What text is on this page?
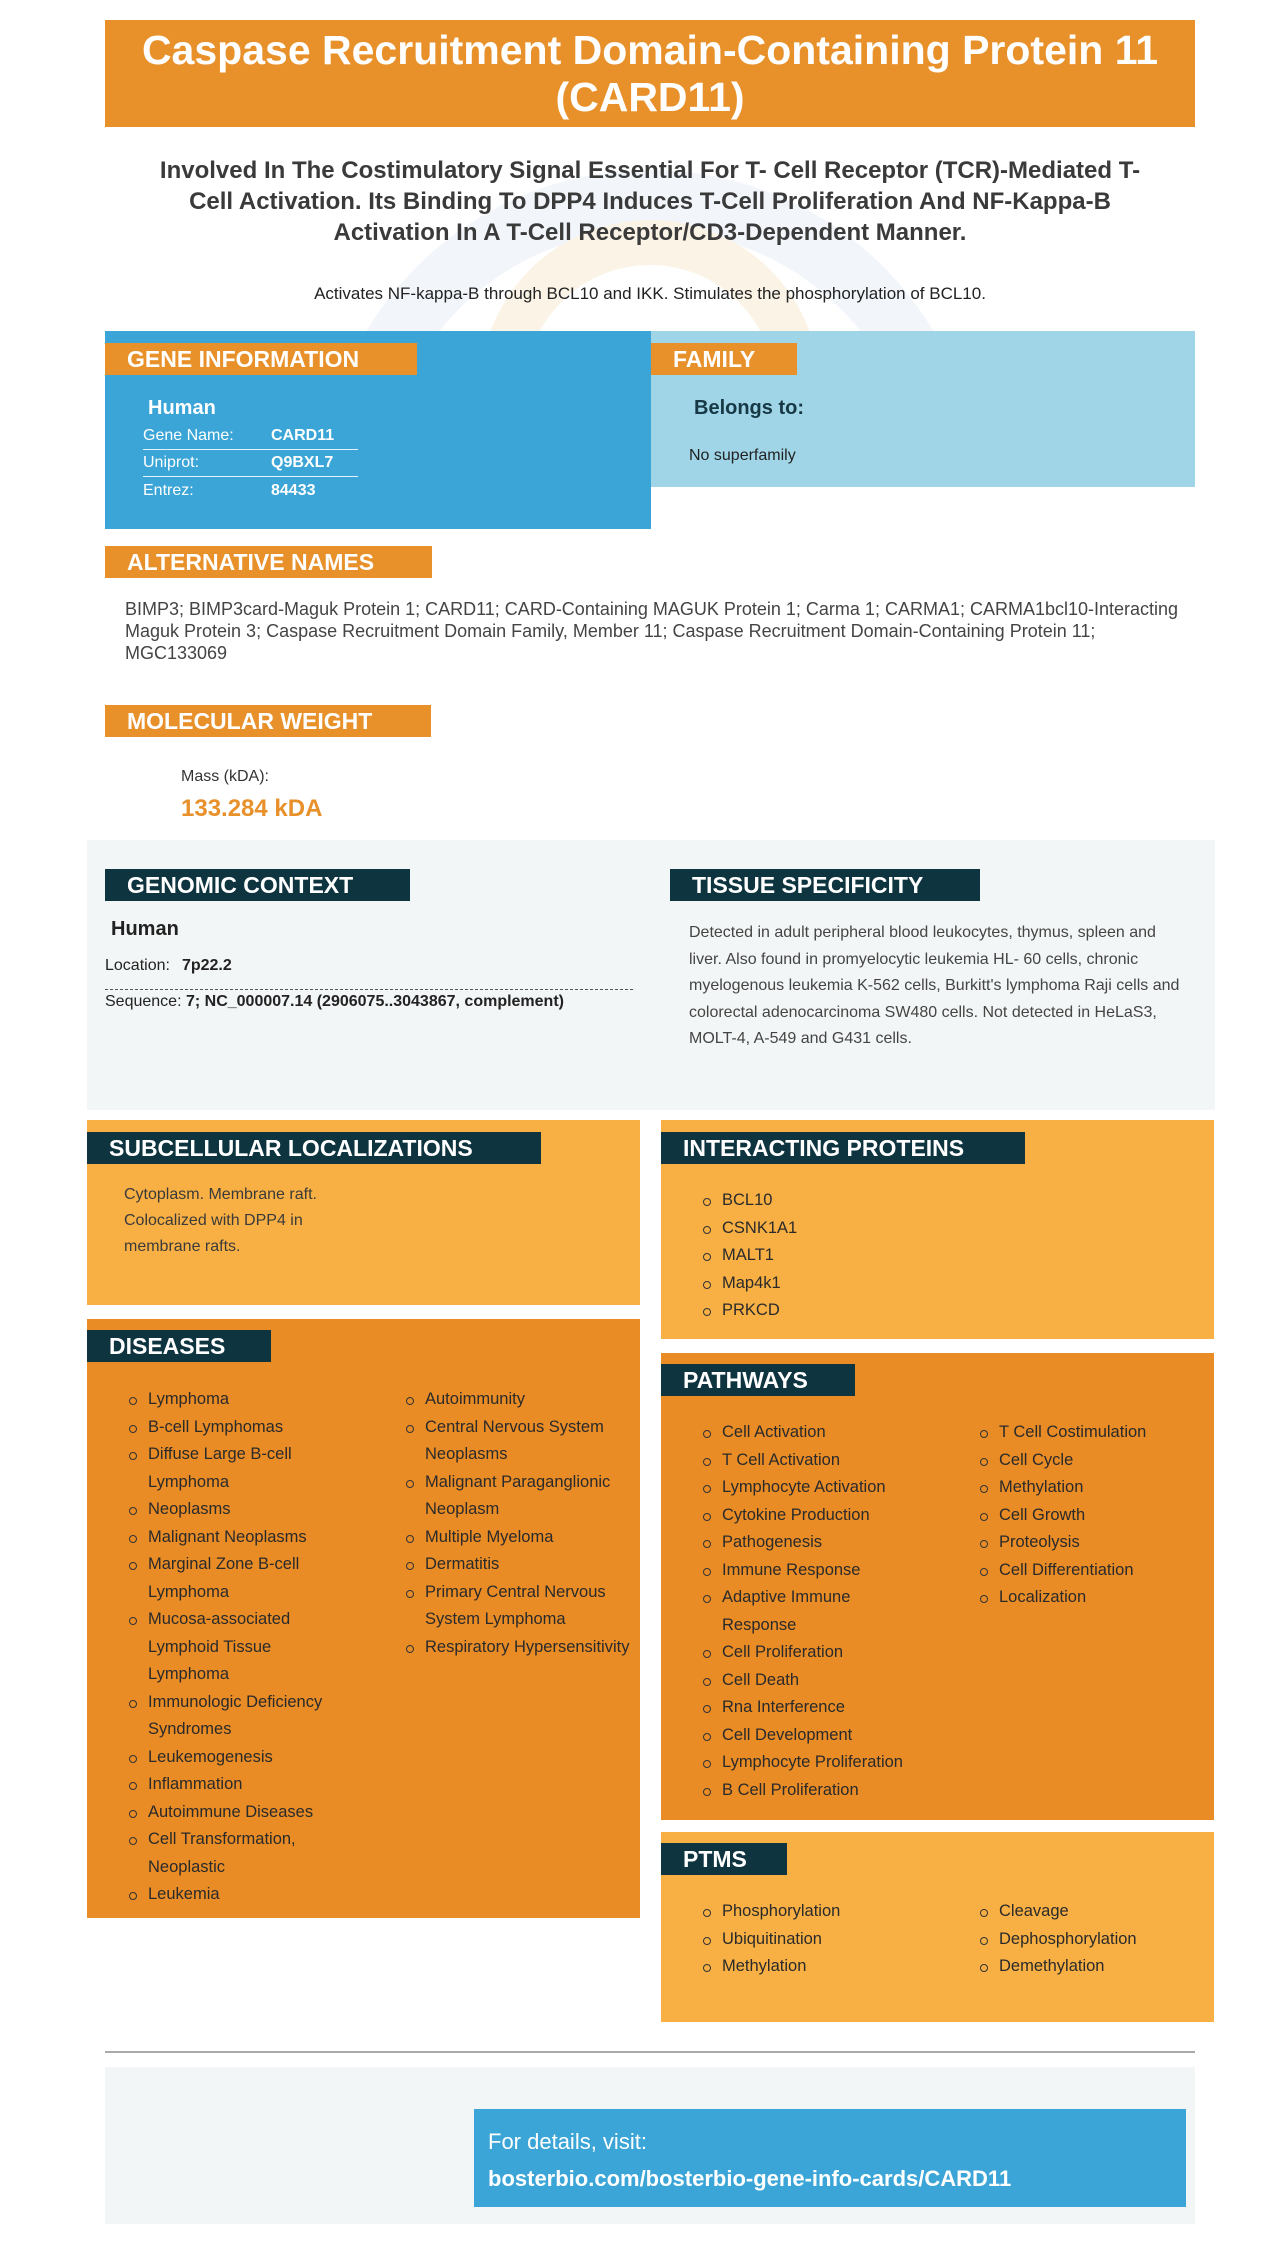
Caspase Recruitment Domain-Containing Protein 11 (CARD11)
Involved In The Costimulatory Signal Essential For T- Cell Receptor (TCR)-Mediated T-Cell Activation. Its Binding To DPP4 Induces T-Cell Proliferation And NF-Kappa-B Activation In A T-Cell Receptor/CD3-Dependent Manner.
Activates NF-kappa-B through BCL10 and IKK. Stimulates the phosphorylation of BCL10.
Human
Gene Name: CARD11
Uniprot:	Q9BXL7
Entrez:	84433
GENE INFORMATION
Belongs to:
No superfamily
FAMILY
ALTERNATIVE NAMES
BIMP3; BIMP3card-Maguk Protein 1; CARD11; CARD-Containing MAGUK Protein 1; Carma 1; CARMA1; CARMA1bcl10-Interacting Maguk Protein 3; Caspase Recruitment Domain Family, Member 11; Caspase Recruitment Domain-Containing Protein 11; MGC133069
MOLECULAR WEIGHT
Mass (kDA):
133.284 kDA
GENOMIC CONTEXT
Human
Location: 7p22.2
Sequence: 7; NC_000007.14 (2906075..3043867, complement)
TISSUE SPECIFICITY
Detected in adult peripheral blood leukocytes, thymus, spleen and liver. Also found in promyelocytic leukemia HL- 60 cells, chronic myelogenous leukemia K-562 cells, Burkitt's lymphoma Raji cells and colorectal adenocarcinoma SW480 cells. Not detected in HeLaS3, MOLT-4, A-549 and G431 cells.
Cytoplasm. Membrane raft. Colocalized with DPP4 in membrane rafts.
SUBCELLULAR LOCALIZATIONS
BCL10
CSNK1A1
MALT1
Map4k1
PRKCD
INTERACTING PROTEINS
Lymphoma
B-cell Lymphomas
Diffuse Large B-cell Lymphoma
Neoplasms
Malignant Neoplasms
Marginal Zone B-cell Lymphoma
Mucosa-associated Lymphoid Tissue Lymphoma
Immunologic Deficiency Syndromes
Leukemogenesis
Inflammation
Autoimmune Diseases
Cell Transformation, Neoplastic
Leukemia
Autoimmunity
Central Nervous System Neoplasms
Malignant Paraganglionic Neoplasm
Multiple Myeloma
Dermatitis
Primary Central Nervous System Lymphoma
Respiratory Hypersensitivity
DISEASES
Cell Activation
T Cell Activation
Lymphocyte Activation
Cytokine Production
Pathogenesis
Immune Response
Adaptive Immune Response
Cell Proliferation
Cell Death
Rna Interference
Cell Development
Lymphocyte Proliferation
B Cell Proliferation
T Cell Costimulation
Cell Cycle
Methylation
Cell Growth
Proteolysis
Cell Differentiation
Localization
PATHWAYS
Phosphorylation
Ubiquitination
Methylation
Cleavage
Dephosphorylation
Demethylation
PTMS
For details, visit:
bosterbio.com/bosterbio-gene-info-cards/CARD11
